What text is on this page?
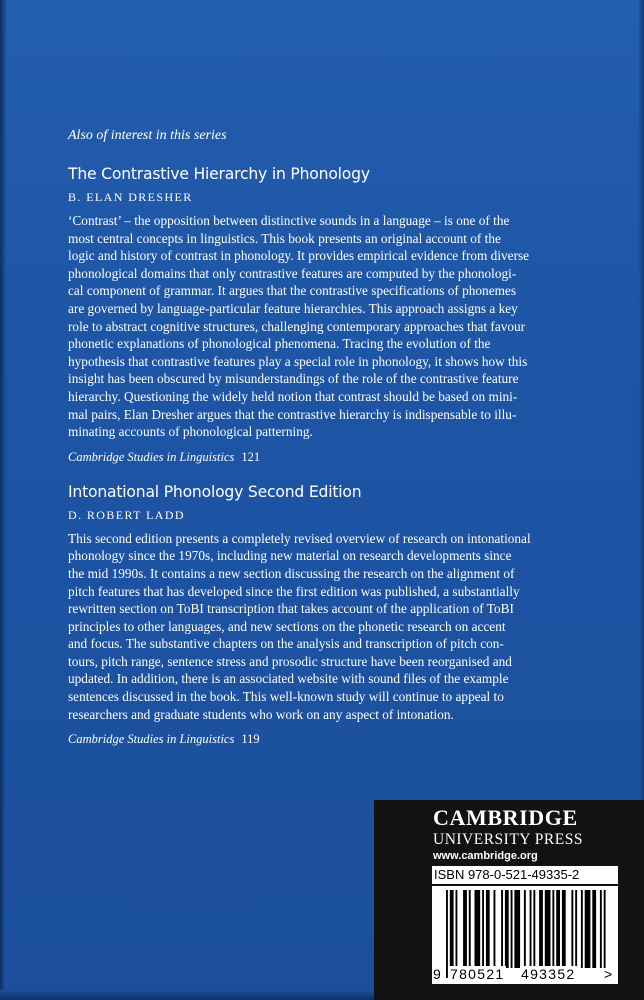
Also of interest in this series

The Contrastive Hierarchy in Phonology
B. ELAN DRESHER
‘Contrast’ – the opposition between distinctive sounds in a language – is one of the
most central concepts in linguistics. This book presents an original account of the
logic and history of contrast in phonology. It provides empirical evidence from diverse
phonological domains that only contrastive features are computed by the phonologi-
cal component of grammar. It argues that the contrastive specifications of phonemes
are governed by language-particular feature hierarchies. This approach assigns a key
role to abstract cognitive structures, challenging contemporary approaches that favour
phonetic explanations of phonological phenomena. Tracing the evolution of the
hypothesis that contrastive features play a special role in phonology, it shows how this
insight has been obscured by misunderstandings of the role of the contrastive feature
hierarchy. Questioning the widely held notion that contrast should be based on mini-
mal pairs, Elan Dresher argues that the contrastive hierarchy is indispensable to illu-
minating accounts of phonological patterning.
Cambridge Studies in Linguistics 121
Intonational Phonology Second Edition
D. ROBERT LADD
This second edition presents a completely revised overview of research on intonational
phonology since the 1970s, including new material on research developments since
the mid 1990s. It contains a new section discussing the research on the alignment of
pitch features that has developed since the first edition was published, a substantially
rewritten section on ToBI transcription that takes account of the application of ToBI
principles to other languages, and new sections on the phonetic research on accent
and focus. The substantive chapters on the analysis and transcription of pitch con-
tours, pitch range, sentence stress and prosodic structure have been reorganised and
updated. In addition, there is an associated website with sound files of the example
sentences discussed in the book. This well-known study will continue to appeal to
researchers and graduate students who work on any aspect of intonation.
Cambridge Studies in Linguistics 119
CAMBRIDGE
UNIVERSITY PRESS
www.cambridge.org
ISBN 978-0-521-49335-2
9 780521 493352 >
